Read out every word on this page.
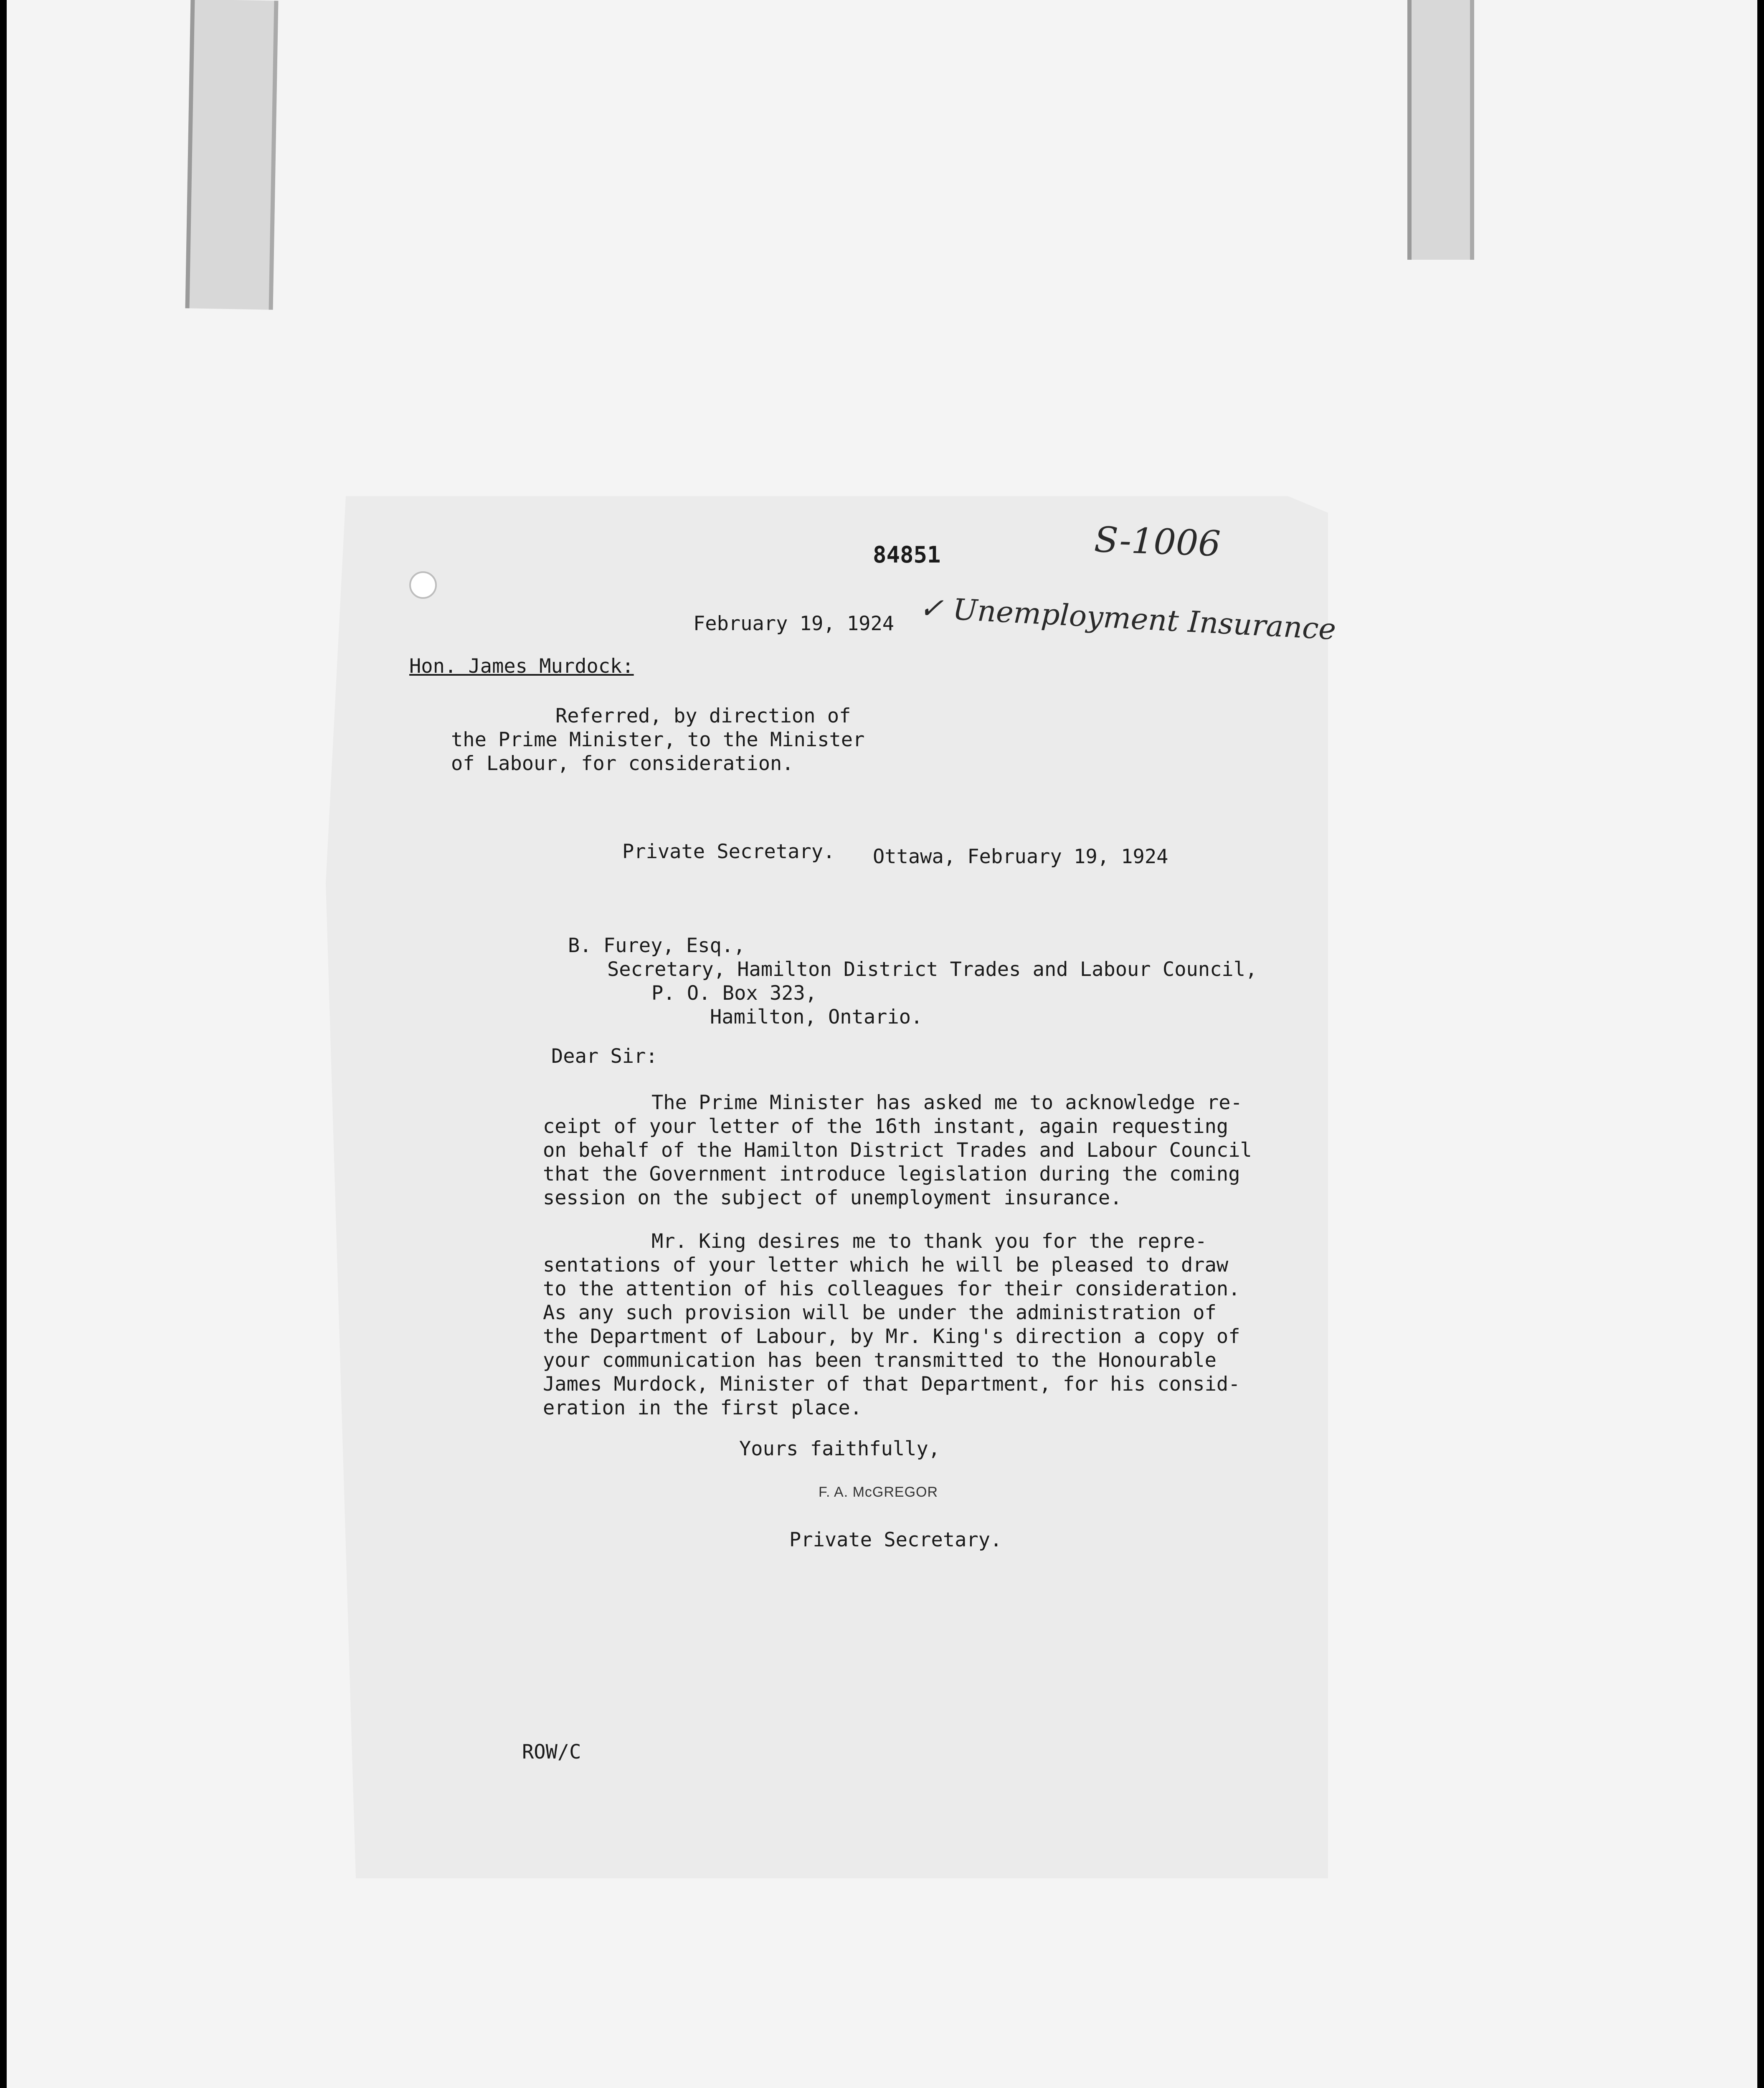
84851	S-1006
✓ Unemployment Insurance
February 19, 1924
Hon. James Murdock:
Referred, by direction of
the Prime Minister, to the Minister
of Labour, for consideration.
Private Secretary. Ottawa, February 19, 1924
B. Furey, Esq.,
Secretary, Hamilton District Trades and Labour Council,
P. O. Box 323,
Hamilton, Ontario.
Dear Sir:
The Prime Minister has asked me to acknowledge re-
ceipt of your letter of the 16th instant, again requesting
on behalf of the Hamilton District Trades and Labour Council
that the Government introduce legislation during the coming
session on the subject of unemployment insurance.
Mr. King desires me to thank you for the repre-
sentations of your letter which he will be pleased to draw
to the attention of his colleagues for their consideration.
As any such provision will be under the administration of
the Department of Labour, by Mr. King's direction a copy of
your communication has been transmitted to the Honourable
James Murdock, Minister of that Department, for his consid-
eration in the first place.
Yours faithfully,
F. A. McGREGOR
Private Secretary.
ROW/C
